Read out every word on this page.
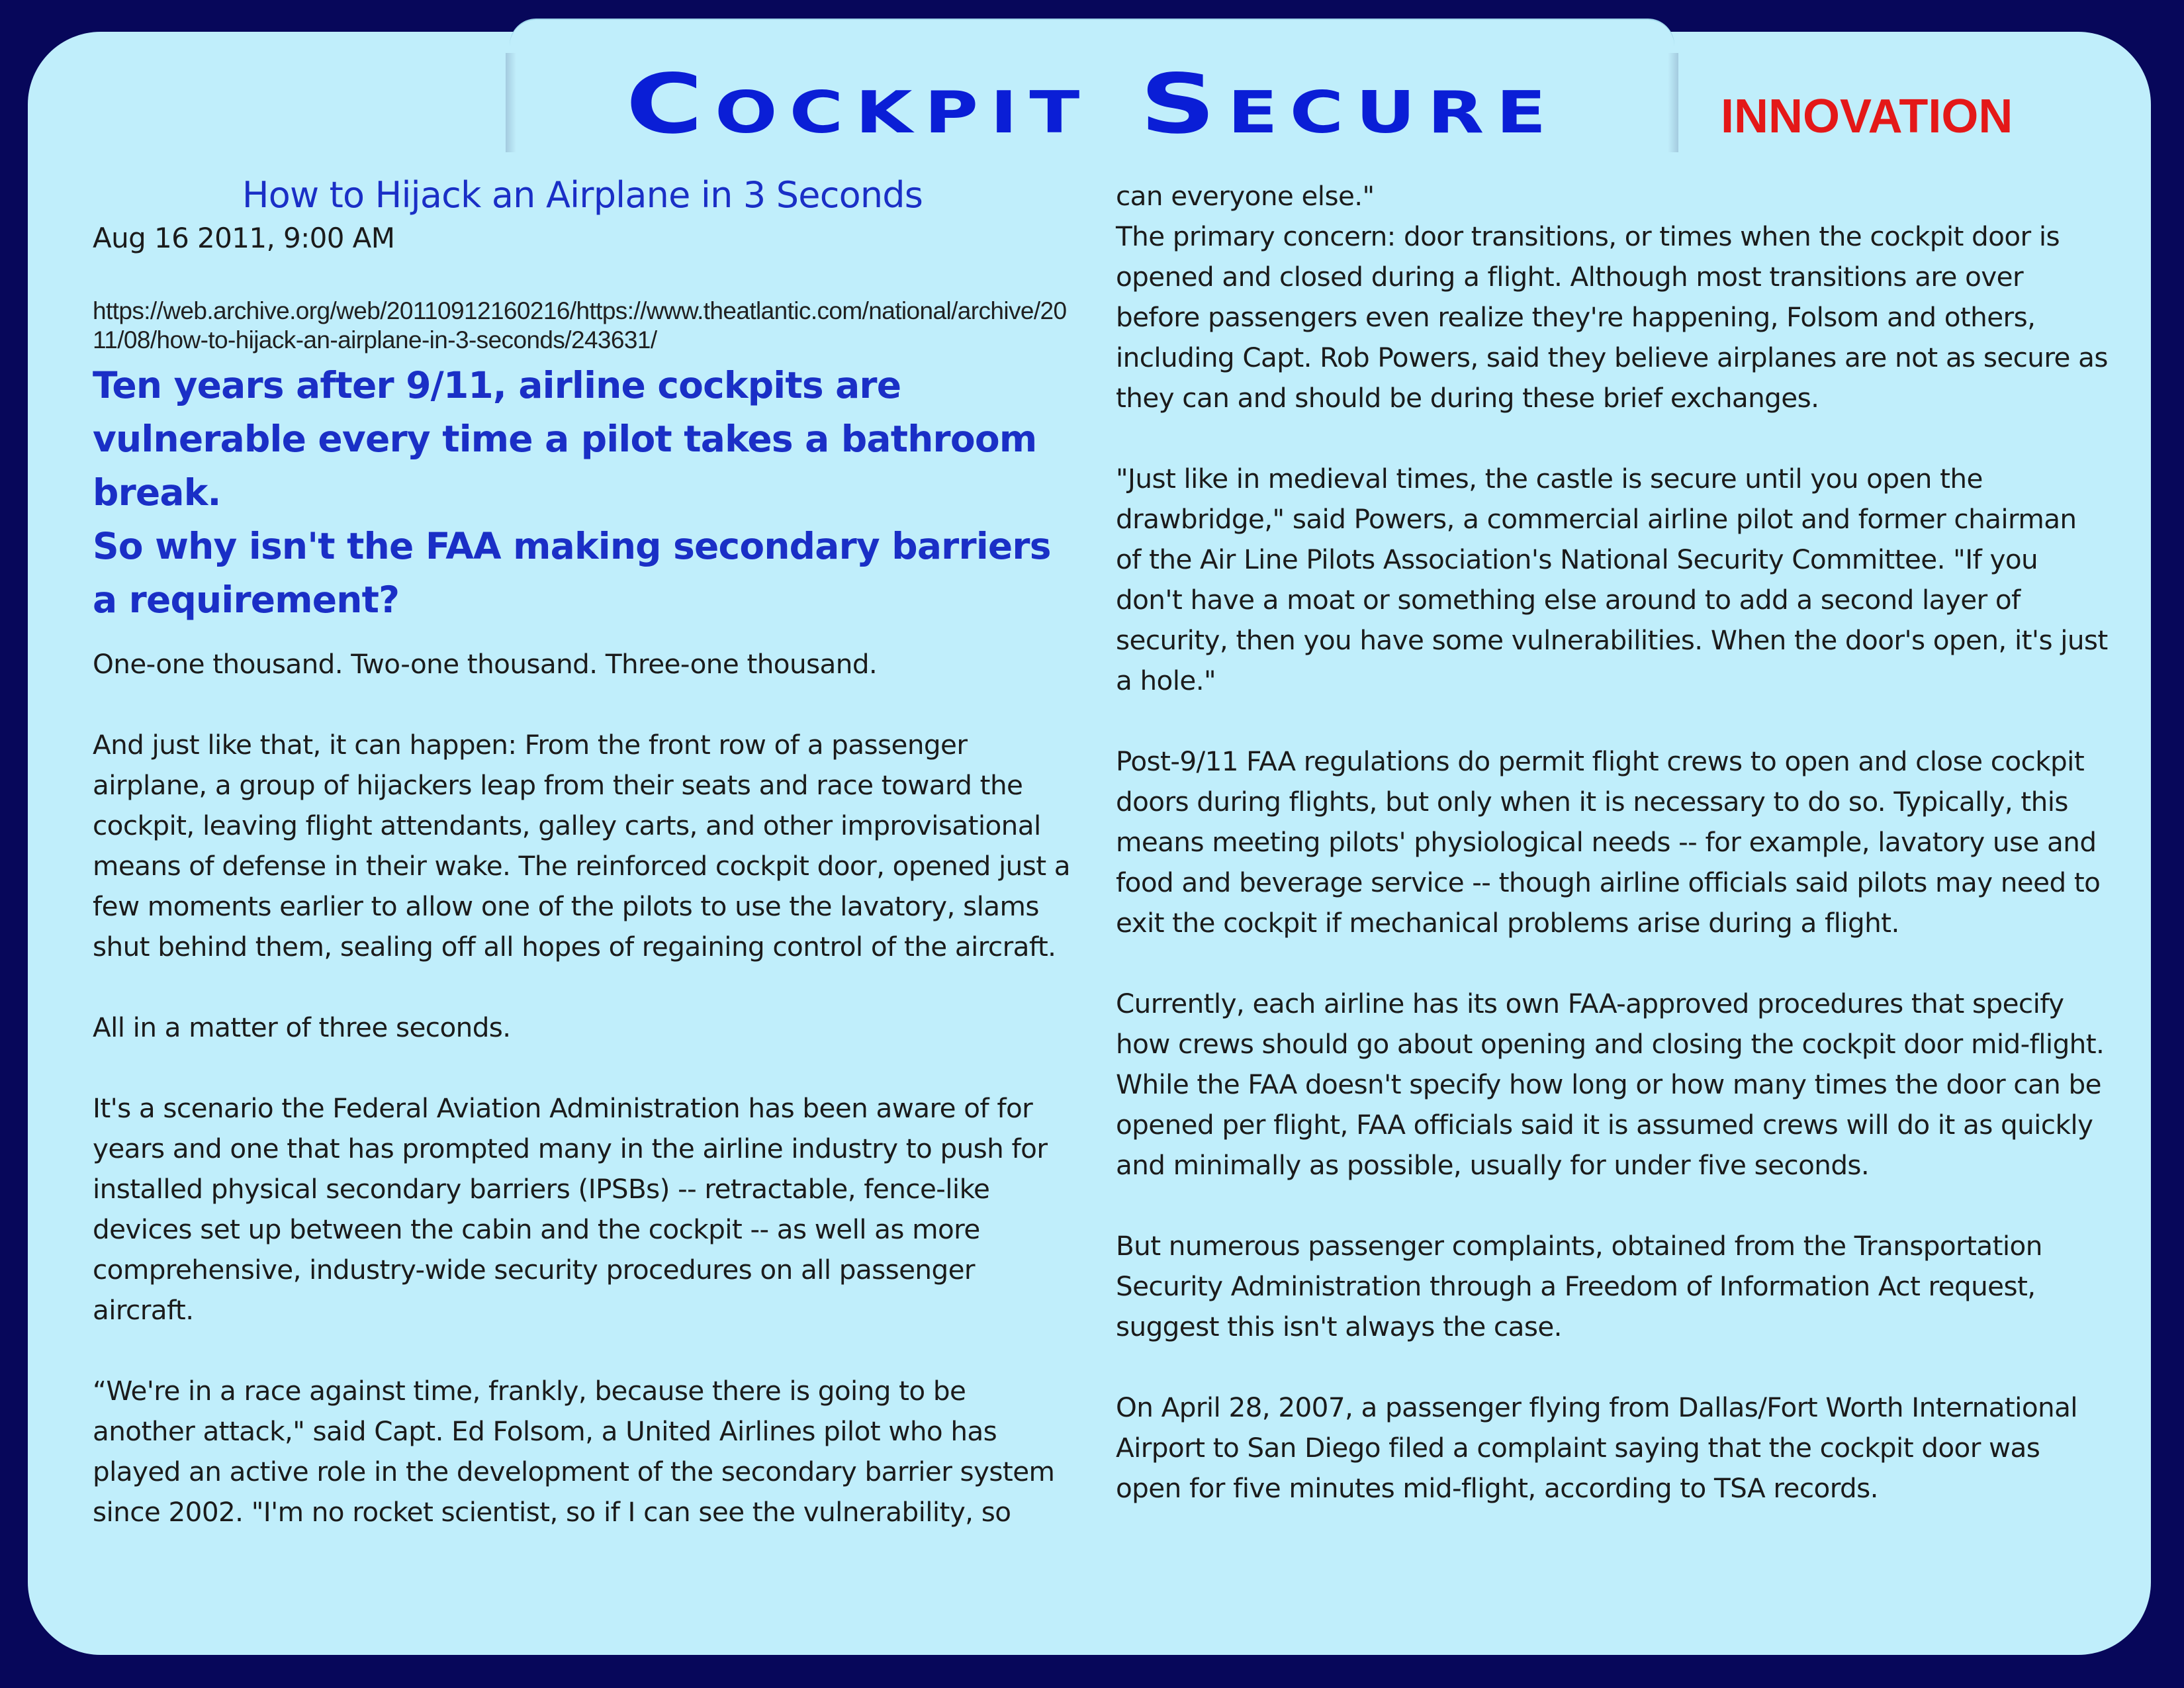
Cockpit Secure	INNOVATION
How to Hijack an Airplane in 3 Seconds
Aug 16 2011, 9:00 AM
https://web.archive.org/web/20110912160216/https://www.theatlantic.com/national/archive/2011/08/how-to-hijack-an-airplane-in-3-seconds/243631/
Ten years after 9/11, airline cockpits are vulnerable every time a pilot takes a bathroom break.
So why isn't the FAA making secondary barriers a requirement?

One-one thousand. Two-one thousand. Three-one thousand.

And just like that, it can happen: From the front row of a passenger airplane, a group of hijackers leap from their seats and race toward the cockpit, leaving flight attendants, galley carts, and other improvisational means of defense in their wake. The reinforced cockpit door, opened just a few moments earlier to allow one of the pilots to use the lavatory, slams shut behind them, sealing off all hopes of regaining control of the aircraft.

All in a matter of three seconds.

It's a scenario the Federal Aviation Administration has been aware of for years and one that has prompted many in the airline industry to push for installed physical secondary barriers (IPSBs) -- retractable, fence-like devices set up between the cabin and the cockpit -- as well as more comprehensive, industry-wide security procedures on all passenger aircraft.

“We're in a race against time, frankly, because there is going to be another attack," said Capt. Ed Folsom, a United Airlines pilot who has played an active role in the development of the secondary barrier system since 2002. "I'm no rocket scientist, so if I can see the vulnerability, so

can everyone else."

The primary concern: door transitions, or times when the cockpit door is opened and closed during a flight. Although most transitions are over before passengers even realize they're happening, Folsom and others, including Capt. Rob Powers, said they believe airplanes are not as secure as they can and should be during these brief exchanges.

"Just like in medieval times, the castle is secure until you open the drawbridge," said Powers, a commercial airline pilot and former chairman of the Air Line Pilots Association's National Security Committee. "If you don't have a moat or something else around to add a second layer of security, then you have some vulnerabilities. When the door's open, it's just a hole."

Post-9/11 FAA regulations do permit flight crews to open and close cockpit doors during flights, but only when it is necessary to do so. Typically, this means meeting pilots' physiological needs -- for example, lavatory use and food and beverage service -- though airline officials said pilots may need to exit the cockpit if mechanical problems arise during a flight.

Currently, each airline has its own FAA-approved procedures that specify how crews should go about opening and closing the cockpit door mid-flight. While the FAA doesn't specify how long or how many times the door can be opened per flight, FAA officials said it is assumed crews will do it as quickly and minimally as possible, usually for under five seconds.

But numerous passenger complaints, obtained from the Transportation Security Administration through a Freedom of Information Act request, suggest this isn't always the case.

On April 28, 2007, a passenger flying from Dallas/Fort Worth International Airport to San Diego filed a complaint saying that the cockpit door was open for five minutes mid-flight, according to TSA records.
